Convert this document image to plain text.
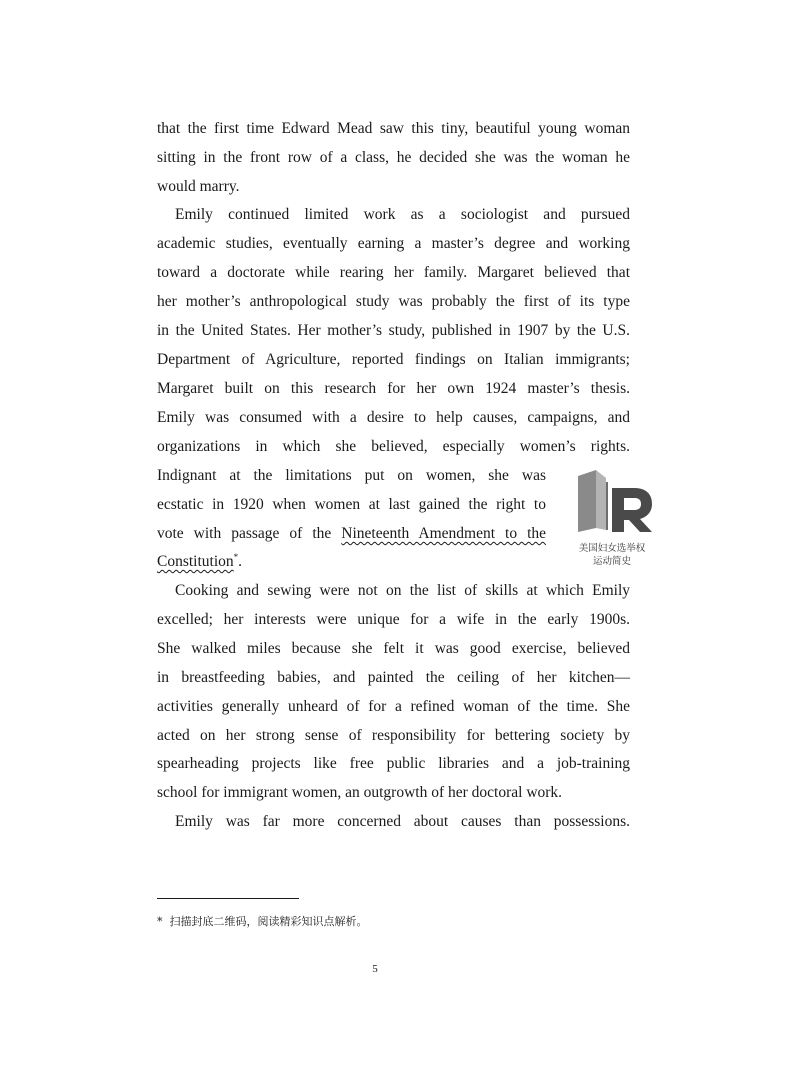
that the first time Edward Mead saw this tiny, beautiful young woman
sitting in the front row of a class, he decided she was the woman he
would marry.
Emily continued limited work as a sociologist and pursued
academic studies, eventually earning a master’s degree and working
toward a doctorate while rearing her family. Margaret believed that
her mother’s anthropological study was probably the first of its type
in the United States. Her mother’s study, published in 1907 by the U.S.
Department of Agriculture, reported findings on Italian immigrants;
Margaret built on this research for her own 1924 master’s thesis.
Emily was consumed with a desire to help causes, campaigns, and
organizations in which she believed, especially women’s rights.
Indignant at the limitations put on women, she was
ecstatic in 1920 when women at last gained the right to
vote with passage of the Nineteenth Amendment to the
Constitution*.
美国妇女选举权
运动简史
Cooking and sewing were not on the list of skills at which Emily
excelled; her interests were unique for a wife in the early 1900s.
She walked miles because she felt it was good exercise, believed
in breastfeeding babies, and painted the ceiling of her kitchen—
activities generally unheard of for a refined woman of the time. She
acted on her strong sense of responsibility for bettering society by
spearheading projects like free public libraries and a job-training
school for immigrant women, an outgrowth of her doctoral work.
Emily was far more concerned about causes than possessions.
* 扫描封底二维码，阅读精彩知识点解析。
5
